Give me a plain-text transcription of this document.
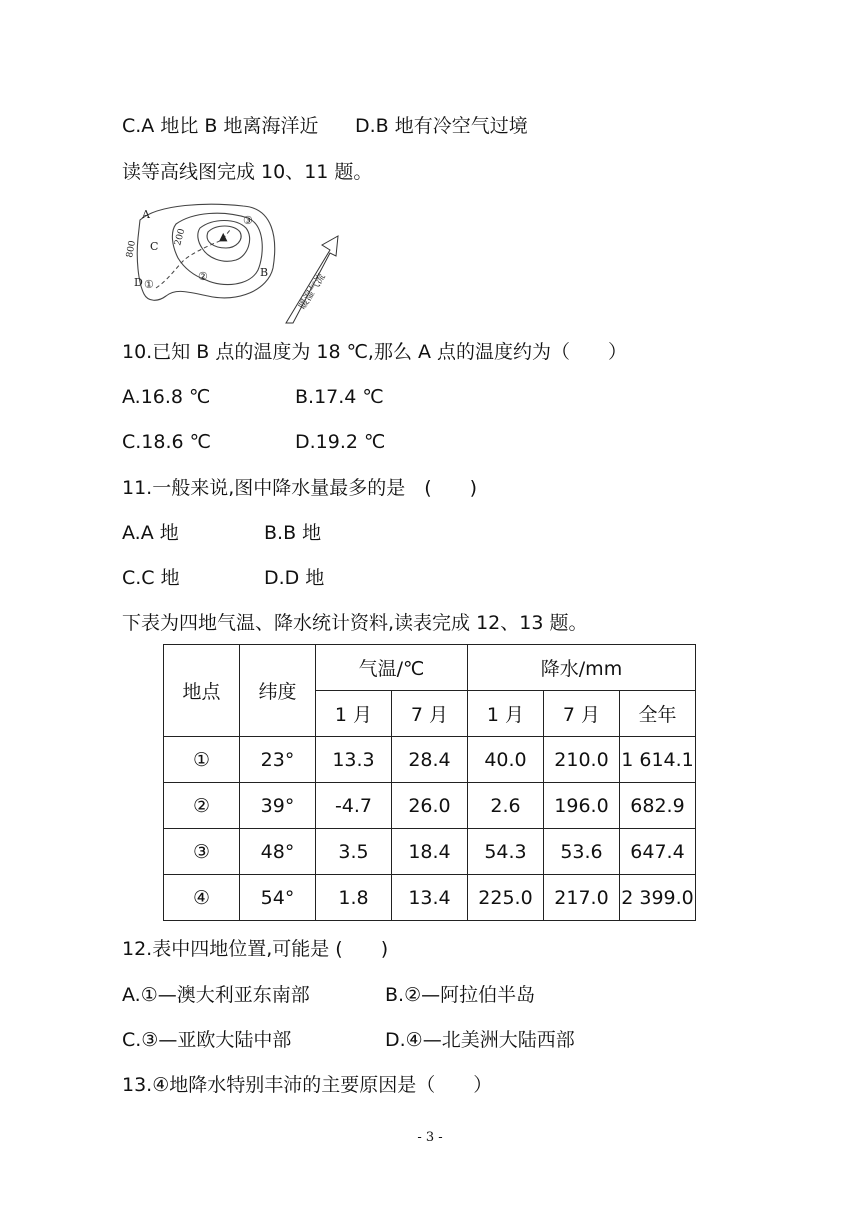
C.A 地比 B 地离海洋近 D.B 地有冷空气过境
读等高线图完成 10、11 题。
A
B
C
D
800
200
①
②
③
▲
暖湿气流
10.已知 B 点的温度为 18 ℃,那么 A 点的温度约为（　　）
A.16.8 ℃	B.17.4 ℃
C.18.6 ℃	D.19.2 ℃
11.一般来说,图中降水量最多的是　(　　)
A.A 地	B.B 地
C.C 地	D.D 地
下表为四地气温、降水统计资料,读表完成 12、13 题。
地点	纬度	气温/℃		降水/mm		
		1 月	7 月	1 月	7 月	全年
①	23°	13.3	28.4	40.0	210.0	1 614.1
②	39°	-4.7	26.0	2.6	196.0	682.9
③	48°	3.5	18.4	54.3	53.6	647.4
④	54°	1.8	13.4	225.0	217.0	2 399.0
12.表中四地位置,可能是 (　　)
A.①—澳大利亚东南部	B.②—阿拉伯半岛
C.③—亚欧大陆中部	D.④—北美洲大陆西部
13.④地降水特别丰沛的主要原因是（　　）
- 3 -
